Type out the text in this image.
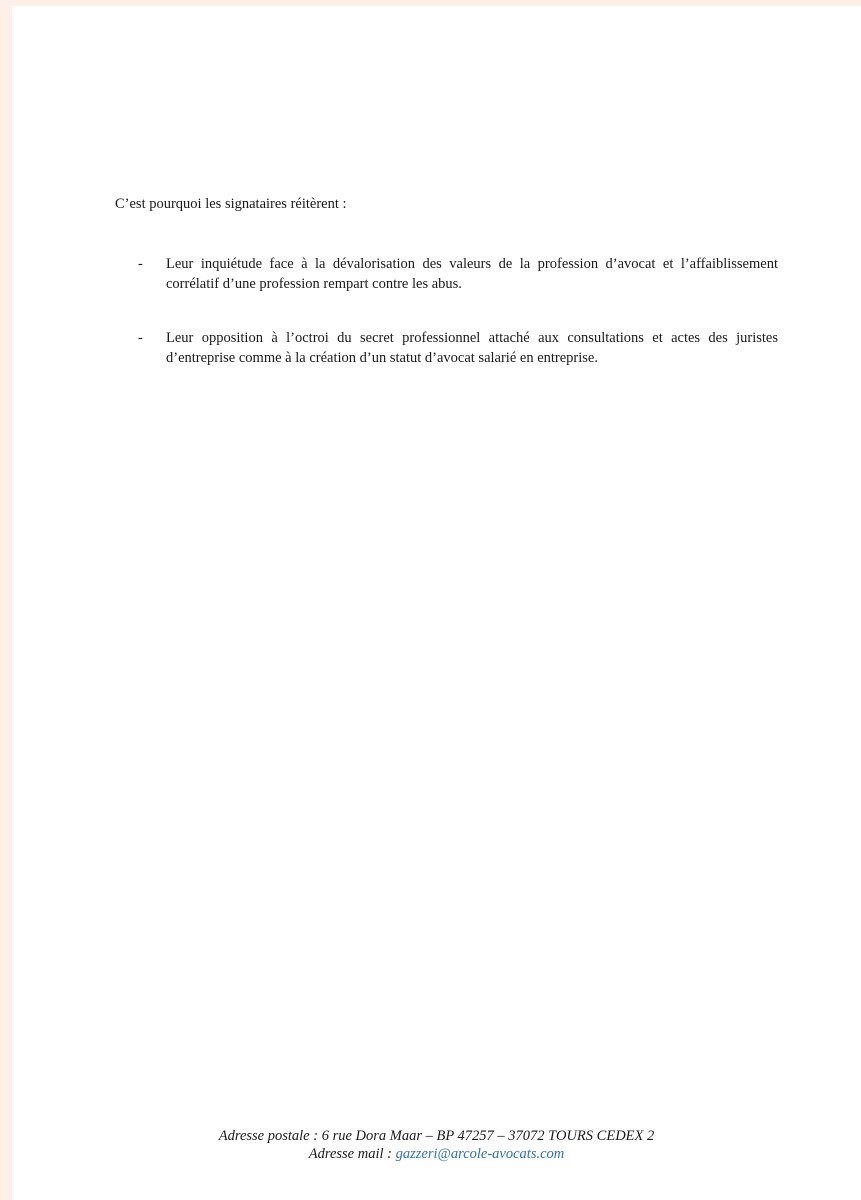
C’est pourquoi les signataires réitèrent :
- Leur inquiétude face à la dévalorisation des valeurs de la profession d’avocat et l’affaiblissement
corrélatif d’une profession rempart contre les abus.
- Leur opposition à l’octroi du secret professionnel attaché aux consultations et actes des juristes
d’entreprise comme à la création d’un statut d’avocat salarié en entreprise.
Adresse postale : 6 rue Dora Maar – BP 47257 – 37072 TOURS CEDEX 2
Adresse mail : gazzeri@arcole-avocats.com
